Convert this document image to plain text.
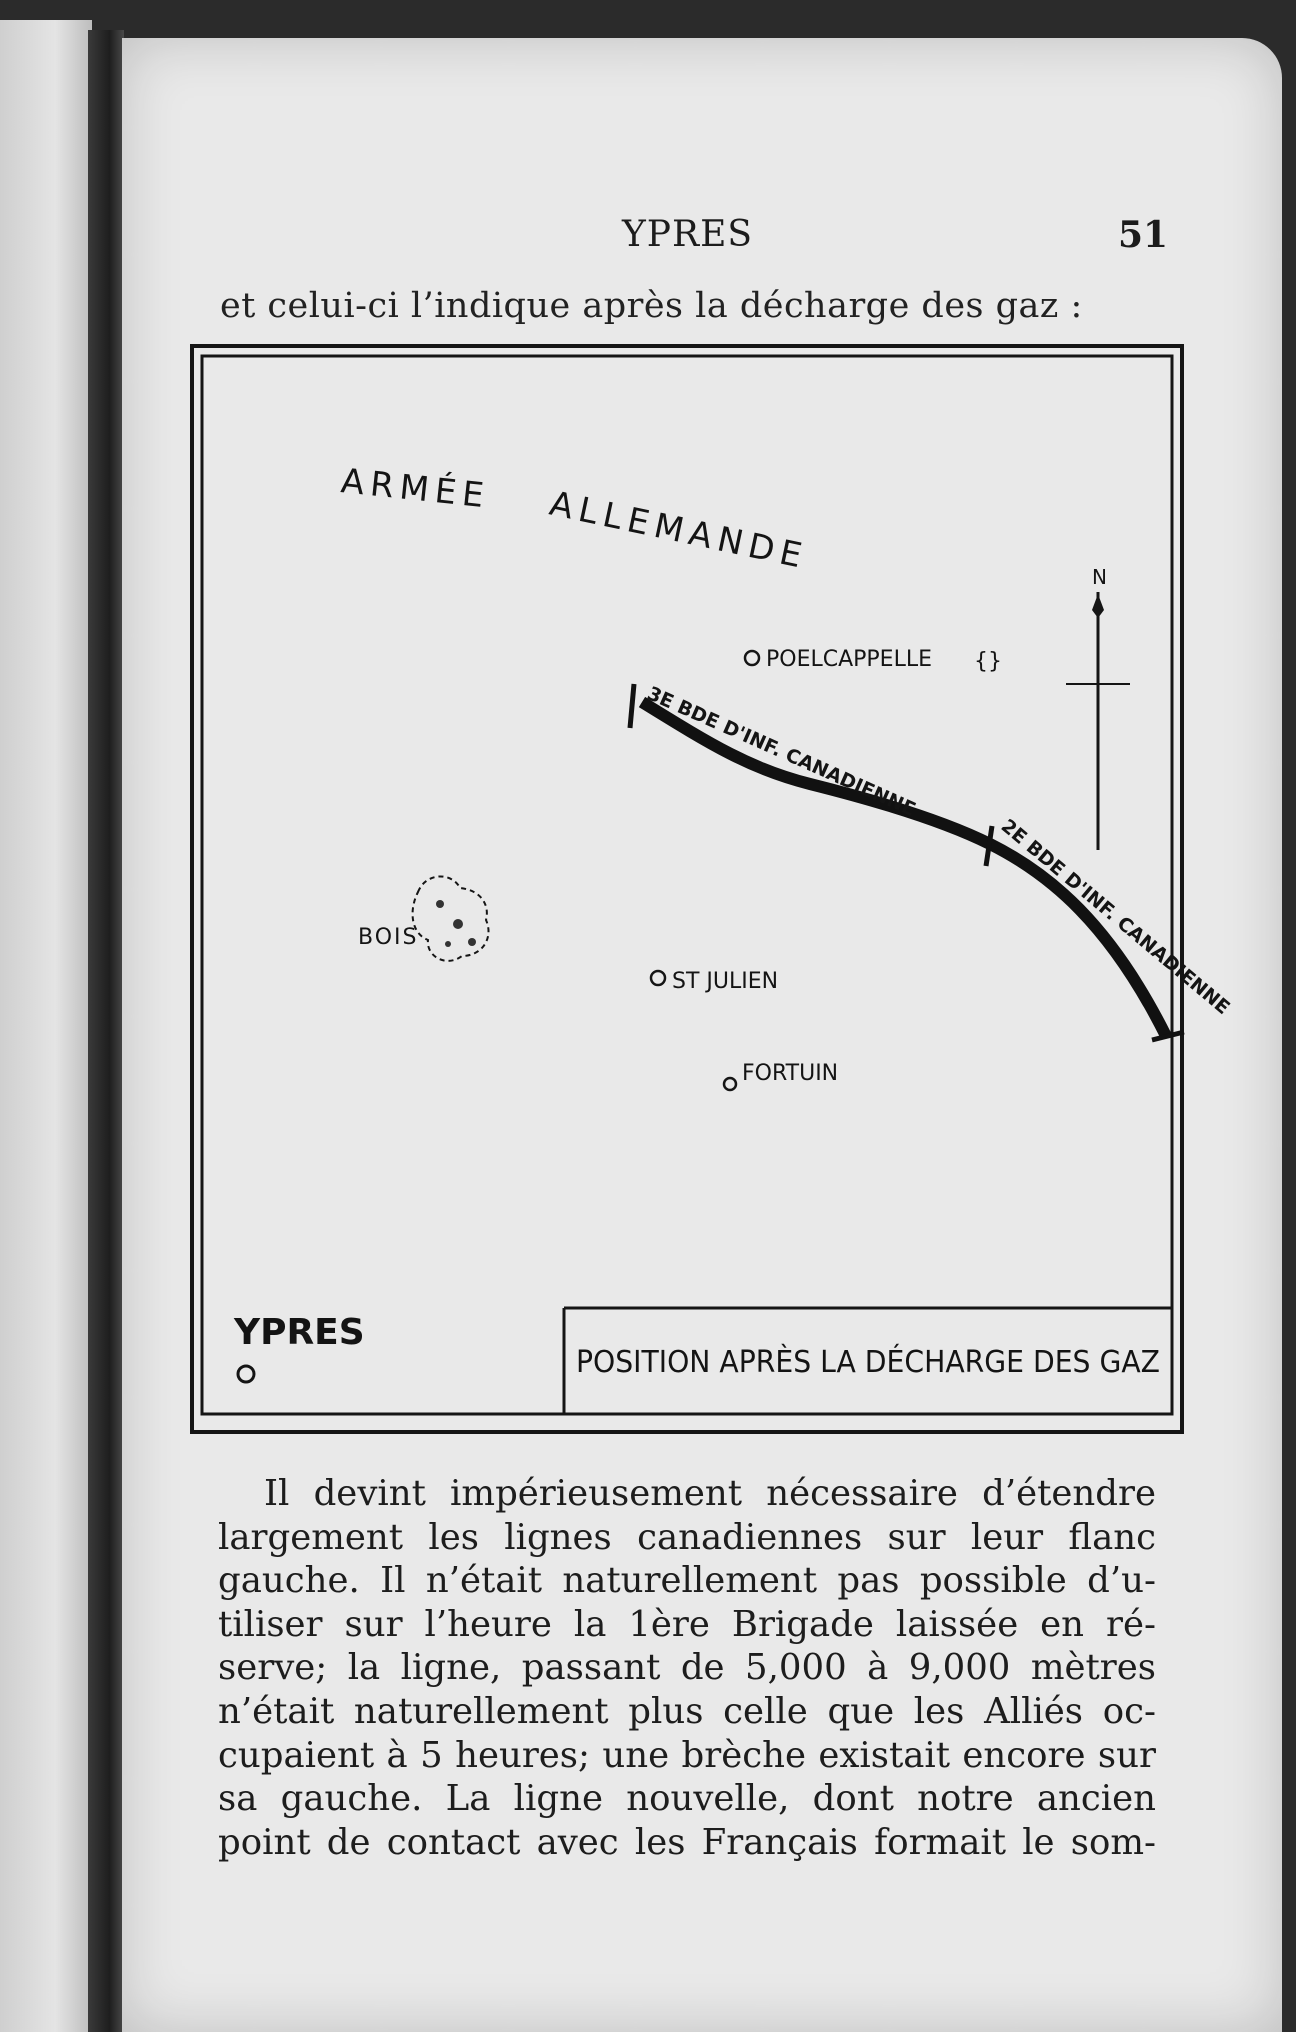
YPRES	51
et celui-ci l’indique après la décharge des gaz :
ARMÉE ALLEMANDE	N
POELCAPPELLE {}
3E BDE D'INF. CANADIENNE
2E BDE D'INF. CANADIENNE
BOIS
ST JULIEN
FORTUIN
YPRES
POSITION APRÈS LA DÉCHARGE DES GAZ
Il devint impérieusement nécessaire d’étendre
largement les lignes canadiennes sur leur flanc
gauche. Il n’était naturellement pas possible d’u-
tiliser sur l’heure la 1ère Brigade laissée en ré-
serve; la ligne, passant de 5,000 à 9,000 mètres
n’était naturellement plus celle que les Alliés oc-
cupaient à 5 heures; une brèche existait encore sur
sa gauche. La ligne nouvelle, dont notre ancien
point de contact avec les Français formait le som-
